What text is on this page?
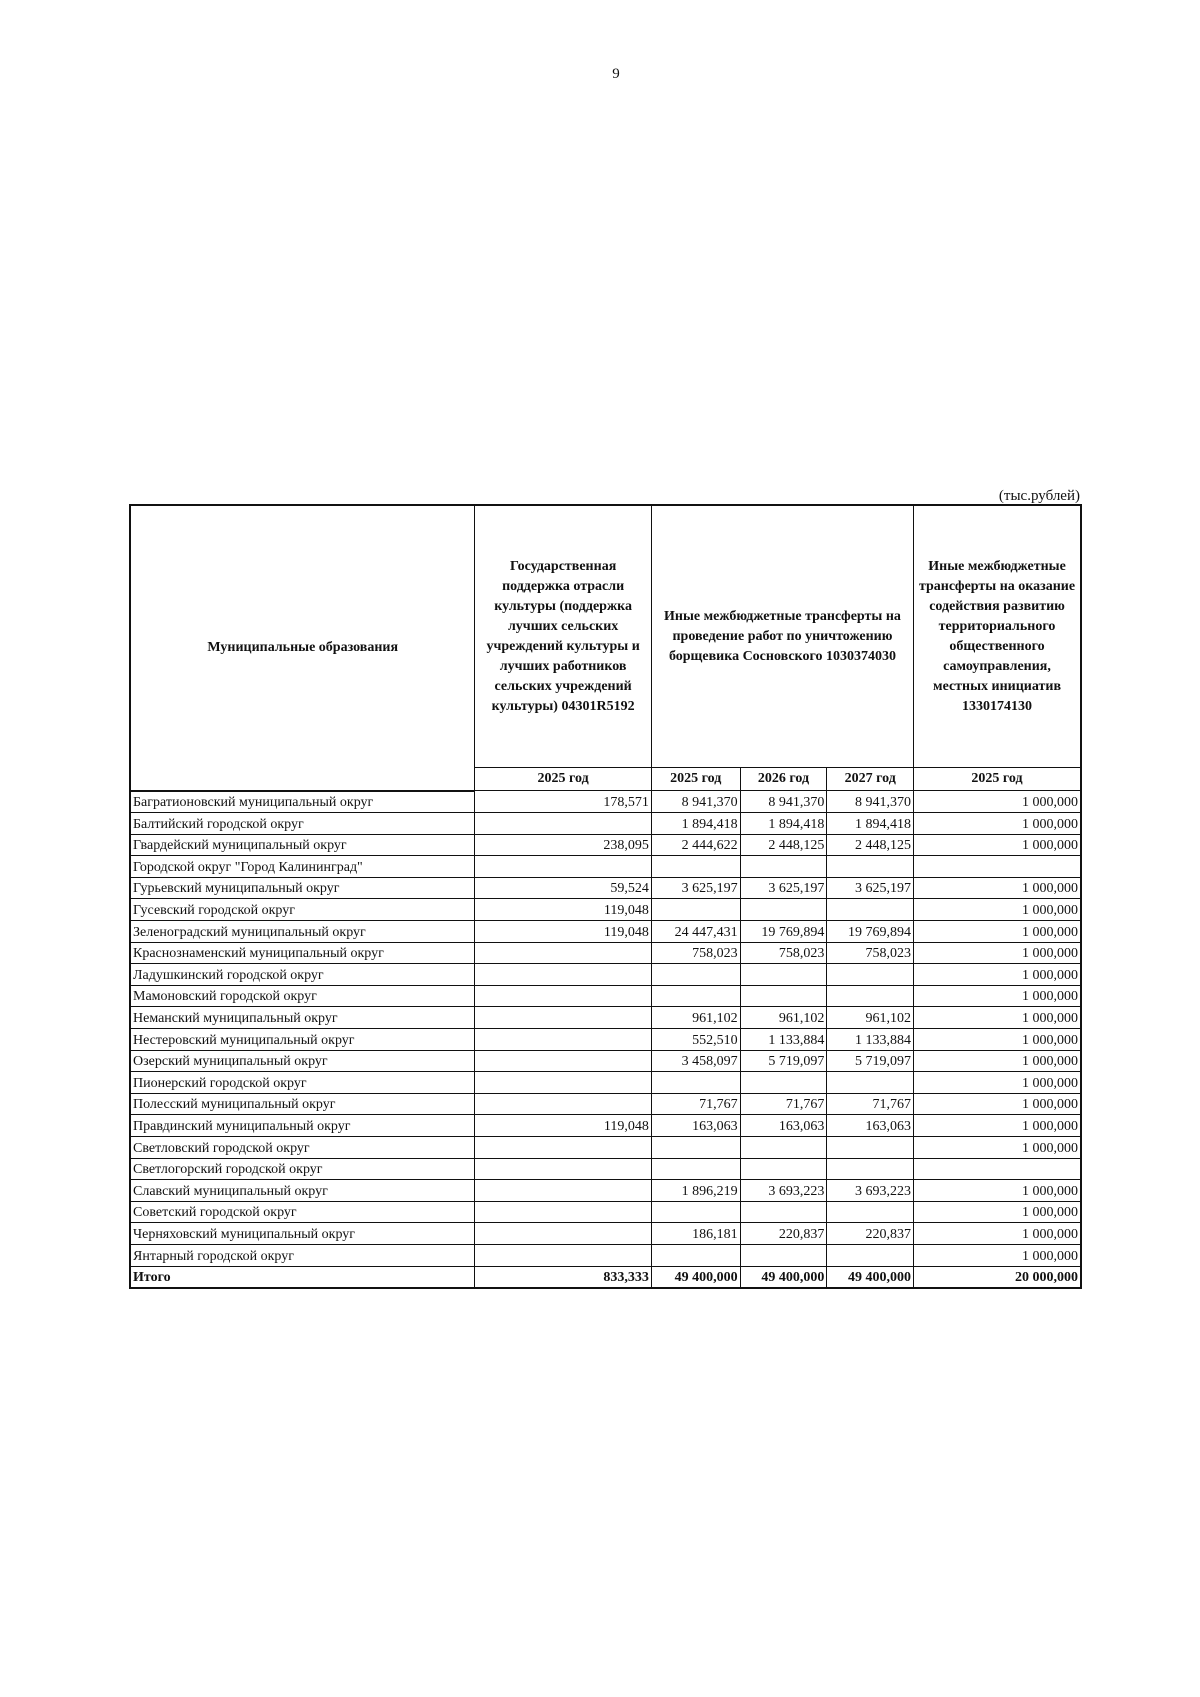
9
(тыс.рублей)
Муниципальные образования	Государственная поддержка отрасли культуры (поддержка лучших сельских учреждений культуры и лучших работников сельских учреждений культуры) 04301R5192	Иные межбюджетные трансферты на проведение работ по уничтожению борщевика Сосновского 1030374030			Иные межбюджетные трансферты на оказание содействия развитию территориального общественного самоуправления, местных инициатив 1330174130
	2025 год	2025 год	2026 год	2027 год	2025 год
Багратионовский муниципальный округ	178,571	8 941,370	8 941,370	8 941,370	1 000,000
Балтийский городской округ		1 894,418	1 894,418	1 894,418	1 000,000
Гвардейский муниципальный округ	238,095	2 444,622	2 448,125	2 448,125	1 000,000
Городской округ "Город Калининград"					
Гурьевский муниципальный округ	59,524	3 625,197	3 625,197	3 625,197	1 000,000
Гусевский городской округ	119,048				1 000,000
Зеленоградский муниципальный округ	119,048	24 447,431	19 769,894	19 769,894	1 000,000
Краснознаменский муниципальный округ		758,023	758,023	758,023	1 000,000
Ладушкинский городской округ					1 000,000
Мамоновский городской округ					1 000,000
Неманский муниципальный округ		961,102	961,102	961,102	1 000,000
Нестеровский муниципальный округ		552,510	1 133,884	1 133,884	1 000,000
Озерский муниципальный округ		3 458,097	5 719,097	5 719,097	1 000,000
Пионерский городской округ					1 000,000
Полесский муниципальный округ		71,767	71,767	71,767	1 000,000
Правдинский муниципальный округ	119,048	163,063	163,063	163,063	1 000,000
Светловский городской округ					1 000,000
Светлогорский городской округ					
Славский муниципальный округ		1 896,219	3 693,223	3 693,223	1 000,000
Советский городской округ					1 000,000
Черняховский муниципальный округ		186,181	220,837	220,837	1 000,000
Янтарный городской округ					1 000,000
Итого	833,333	49 400,000	49 400,000	49 400,000	20 000,000
